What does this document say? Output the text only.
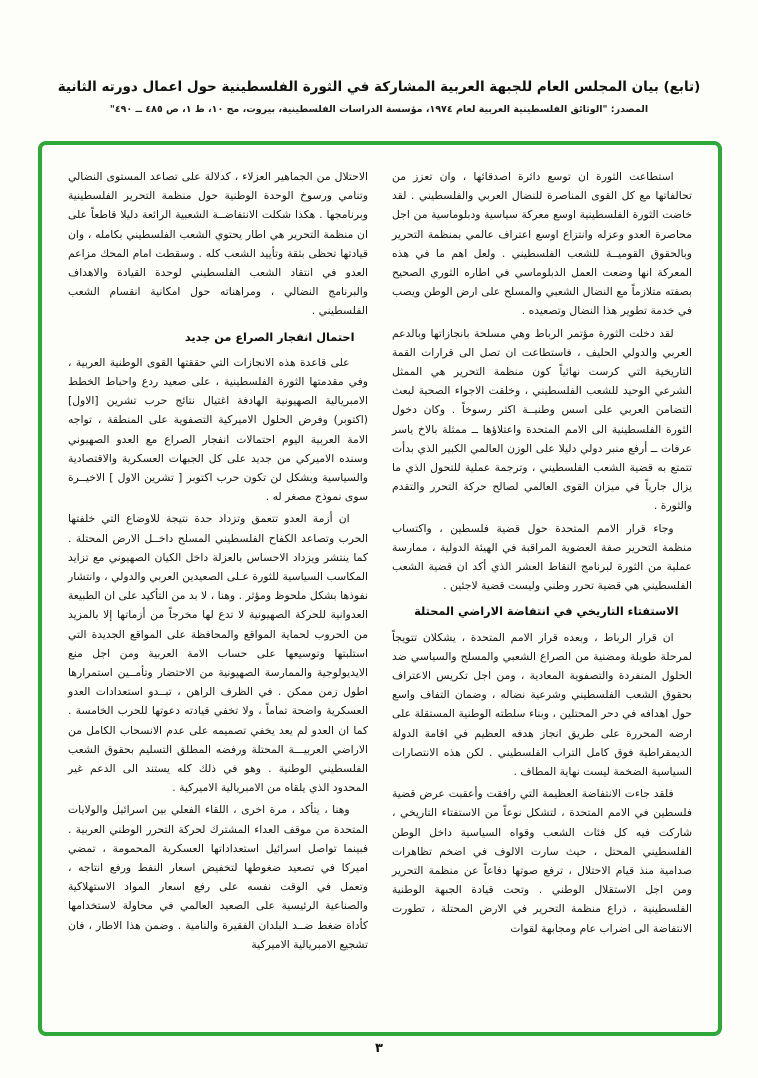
(تابع) بيان المجلس العام للجبهة العربية المشاركة في الثورة الفلسطينية حول اعمال دورته الثانية
المصدر: "الوثائق الفلسطينية العربية لعام ١٩٧٤، مؤسسة الدراسات الفلسطينية، بيروت، مج ١٠، ط ١، ص ٤٨٥ ــ ٤٩٠"

استطاعت الثورة ان توسع دائرة اصدقائها ، وان تعزز من تحالفاتها مع كل القوى المناصرة للنضال العربي والفلسطيني . لقد خاضت الثورة الفلسطينية اوسع معركة سياسية ودبلوماسية من اجل محاصرة العدو وعزله وانتزاع اوسع اعتراف عالمي بمنظمة التحرير وبالحقوق القوميــة للشعب الفلسطيني . ولعل اهم ما في هذه المعركة انها وضعت العمل الدبلوماسي في اطاره الثوري الصحيح بصفته متلازماً مع النضال الشعبي والمسلح على ارض الوطن ويصب في خدمة تطوير هذا النضال وتصعيده .

لقد دخلت الثورة مؤتمر الرباط وهي مسلحة بانجازاتها وبالدعم العربي والدولي الحليف ، فاستطاعت ان تصل الى قرارات القمة التاريخية التي كرست نهائياً كون منظمة التحرير هي الممثل الشرعي الوحيد للشعب الفلسطيني ، وخلقت الاجواء الصحية لبعث التضامن العربي على اسس وطنيــة اكثر رسوخاً . وكان دخول الثورة الفلسطينية الى الامم المتحدة واعتلاؤها ــ ممثلة بالاخ ياسر عرفات ــ أرفع منبر دولي دليلا على الوزن العالمي الكبير الذي بدأت تتمتع به قضية الشعب الفلسطيني ، وترجمة عملية للتحول الذي ما يزال جارياً في ميزان القوى العالمي لصالح حركة التحرر والتقدم والثورة .

وجاء قرار الامم المتحدة حول قضية فلسطين ، واكتساب منظمة التحرير صفة العضوية المراقبة في الهيئة الدولية ، ممارسة عملية من الثورة لبرنامج النقاط العشر الذي أكد ان قضية الشعب الفلسطيني هي قضية تحرر وطني وليست قضية لاجئين .

الاستفتاء التاريخي في انتفاضة الاراضي المحتلة

ان قرار الرباط ، وبعده قرار الامم المتحدة ، يشكلان تتويجاً لمرحلة طويلة ومضنية من الصراع الشعبي والمسلح والسياسي ضد الحلول المنفردة والتصفوية المعادية ، ومن اجل تكريس الاعتراف بحقوق الشعب الفلسطيني وشرعية نضاله ، وضمان التفاف واسع حول اهدافه في دحر المحتلين ، وبناء سلطته الوطنية المستقلة على ارضه المحررة على طريق انجاز هدفه العظيم في اقامة الدولة الديمقراطية فوق كامل التراب الفلسطيني . لكن هذه الانتصارات السياسية الضخمة ليست نهاية المطاف .

فلقد جاءت الانتفاضة العظيمة التي رافقت وأعقبت عرض قضية فلسطين في الامم المتحدة ، لتشكل نوعاً من الاستفتاء التاريخي ، شاركت فيه كل فئات الشعب وقواه السياسية داخل الوطن الفلسطيني المحتل ، حيث سارت الالوف في اضخم تظاهرات صدامية منذ قيام الاحتلال ، ترفع صوتها دفاعاً عن منظمة التحرير ومن اجل الاستقلال الوطني . وتحت قيادة الجبهة الوطنية الفلسطينية ، ذراع منظمة التحرير في الارض المحتلة ، تطورت الانتفاضة الى اضراب عام ومجابهة لقوات

الاحتلال من الجماهير العزلاء ، كدلالة على تصاعد المستوى النضالي وتنامي ورسوخ الوحدة الوطنية حول منظمة التحرير الفلسطينية وبرنامجها . هكذا شكلت الانتفاضــة الشعبية الرائعة دليلا قاطعاً على ان منظمة التحرير هي اطار يحتوي الشعب الفلسطيني بكامله ، وان قيادتها تحظى بثقة وتأييد الشعب كله . وسقطت امام المحك مزاعم العدو في انتقاد الشعب الفلسطيني لوحدة القيادة والاهداف والبرنامج النضالي ، ومراهناته حول امكانية انقسام الشعب الفلسطيني .

احتمال انفجار الصراع من جديد

على قاعدة هذه الانجازات التي حققتها القوى الوطنية العربية ، وفي مقدمتها الثورة الفلسطينية ، على صعيد ردع واحباط الخطط الامبريالية الصهيونية الهادفة اغتيال نتائج حرب تشرين [الاول] (اكتوبر) وفرض الحلول الاميركية التصفوية على المنطقة ، تواجه الامة العربية اليوم احتمالات انفجار الصراع مع العدو الصهيوني وسنده الاميركي من جديد على كل الجبهات العسكرية والاقتصادية والسياسية وبشكل لن تكون حرب اكتوبر [ تشرين الاول ] الاخيــرة سوى نموذج مصغر له .

ان أزمة العدو تتعمق وتزداد حدة نتيجة للاوضاع التي خلفتها الحرب وتصاعد الكفاح الفلسطيني المسلح داخــل الارض المحتلة . كما ينتشر ويزداد الاحساس بالعزلة داخل الكيان الصهيوني مع تزايد المكاسب السياسية للثورة عـلى الصعيدين العربي والدولي ، وانتشار نفوذها بشكل ملحوظ ومؤثر . وهنا ، لا بد من التأكيد على ان الطبيعة العدوانية للحركة الصهيونية لا تدع لها مخرجاً من أزماتها إلا بالمزيد من الحروب لحماية المواقع والمحافظة على المواقع الجديدة التي استلبتها وتوسيعها على حساب الامة العربية ومن اجل منع الايديولوجية والممارسة الصهيونية من الاحتضار وتأمــين استمرارها اطول زمن ممكن . في الظرف الراهن ، تبــدو استعدادات العدو العسكرية واضحة تماماً ، ولا تخفي قيادته دعوتها للحرب الخامسة . كما ان العدو لم يعد يخفي تصميمه على عدم الانسحاب الكامل من الاراضي العربيـــة المحتلة ورفضه المطلق التسليم بحقوق الشعب الفلسطيني الوطنية . وهو في ذلك كله يستند الى الدعم غير المحدود الذي يلقاه من الامبريالية الاميركية .

وهنا ، يتأكد ، مرة اخرى ، اللقاء الفعلي بين اسرائيل والولايات المتحدة من موقف العداء المشترك لحركة التحرر الوطني العربية . فبينما تواصل اسرائيل استعداداتها العسكرية المحمومة ، تمضي اميركا في تصعيد ضغوطها لتخفيض اسعار النفط ورفع انتاجه ، وتعمل في الوقت نفسه على رفع اسعار المواد الاستهلاكية والصناعية الرئيسية على الصعيد العالمي في محاولة لاستخدامها كأداة ضغط ضــد البلدان الفقيرة والنامية . وضمن هذا الاطار ، فان تشجيع الامبريالية الاميركية

٣
